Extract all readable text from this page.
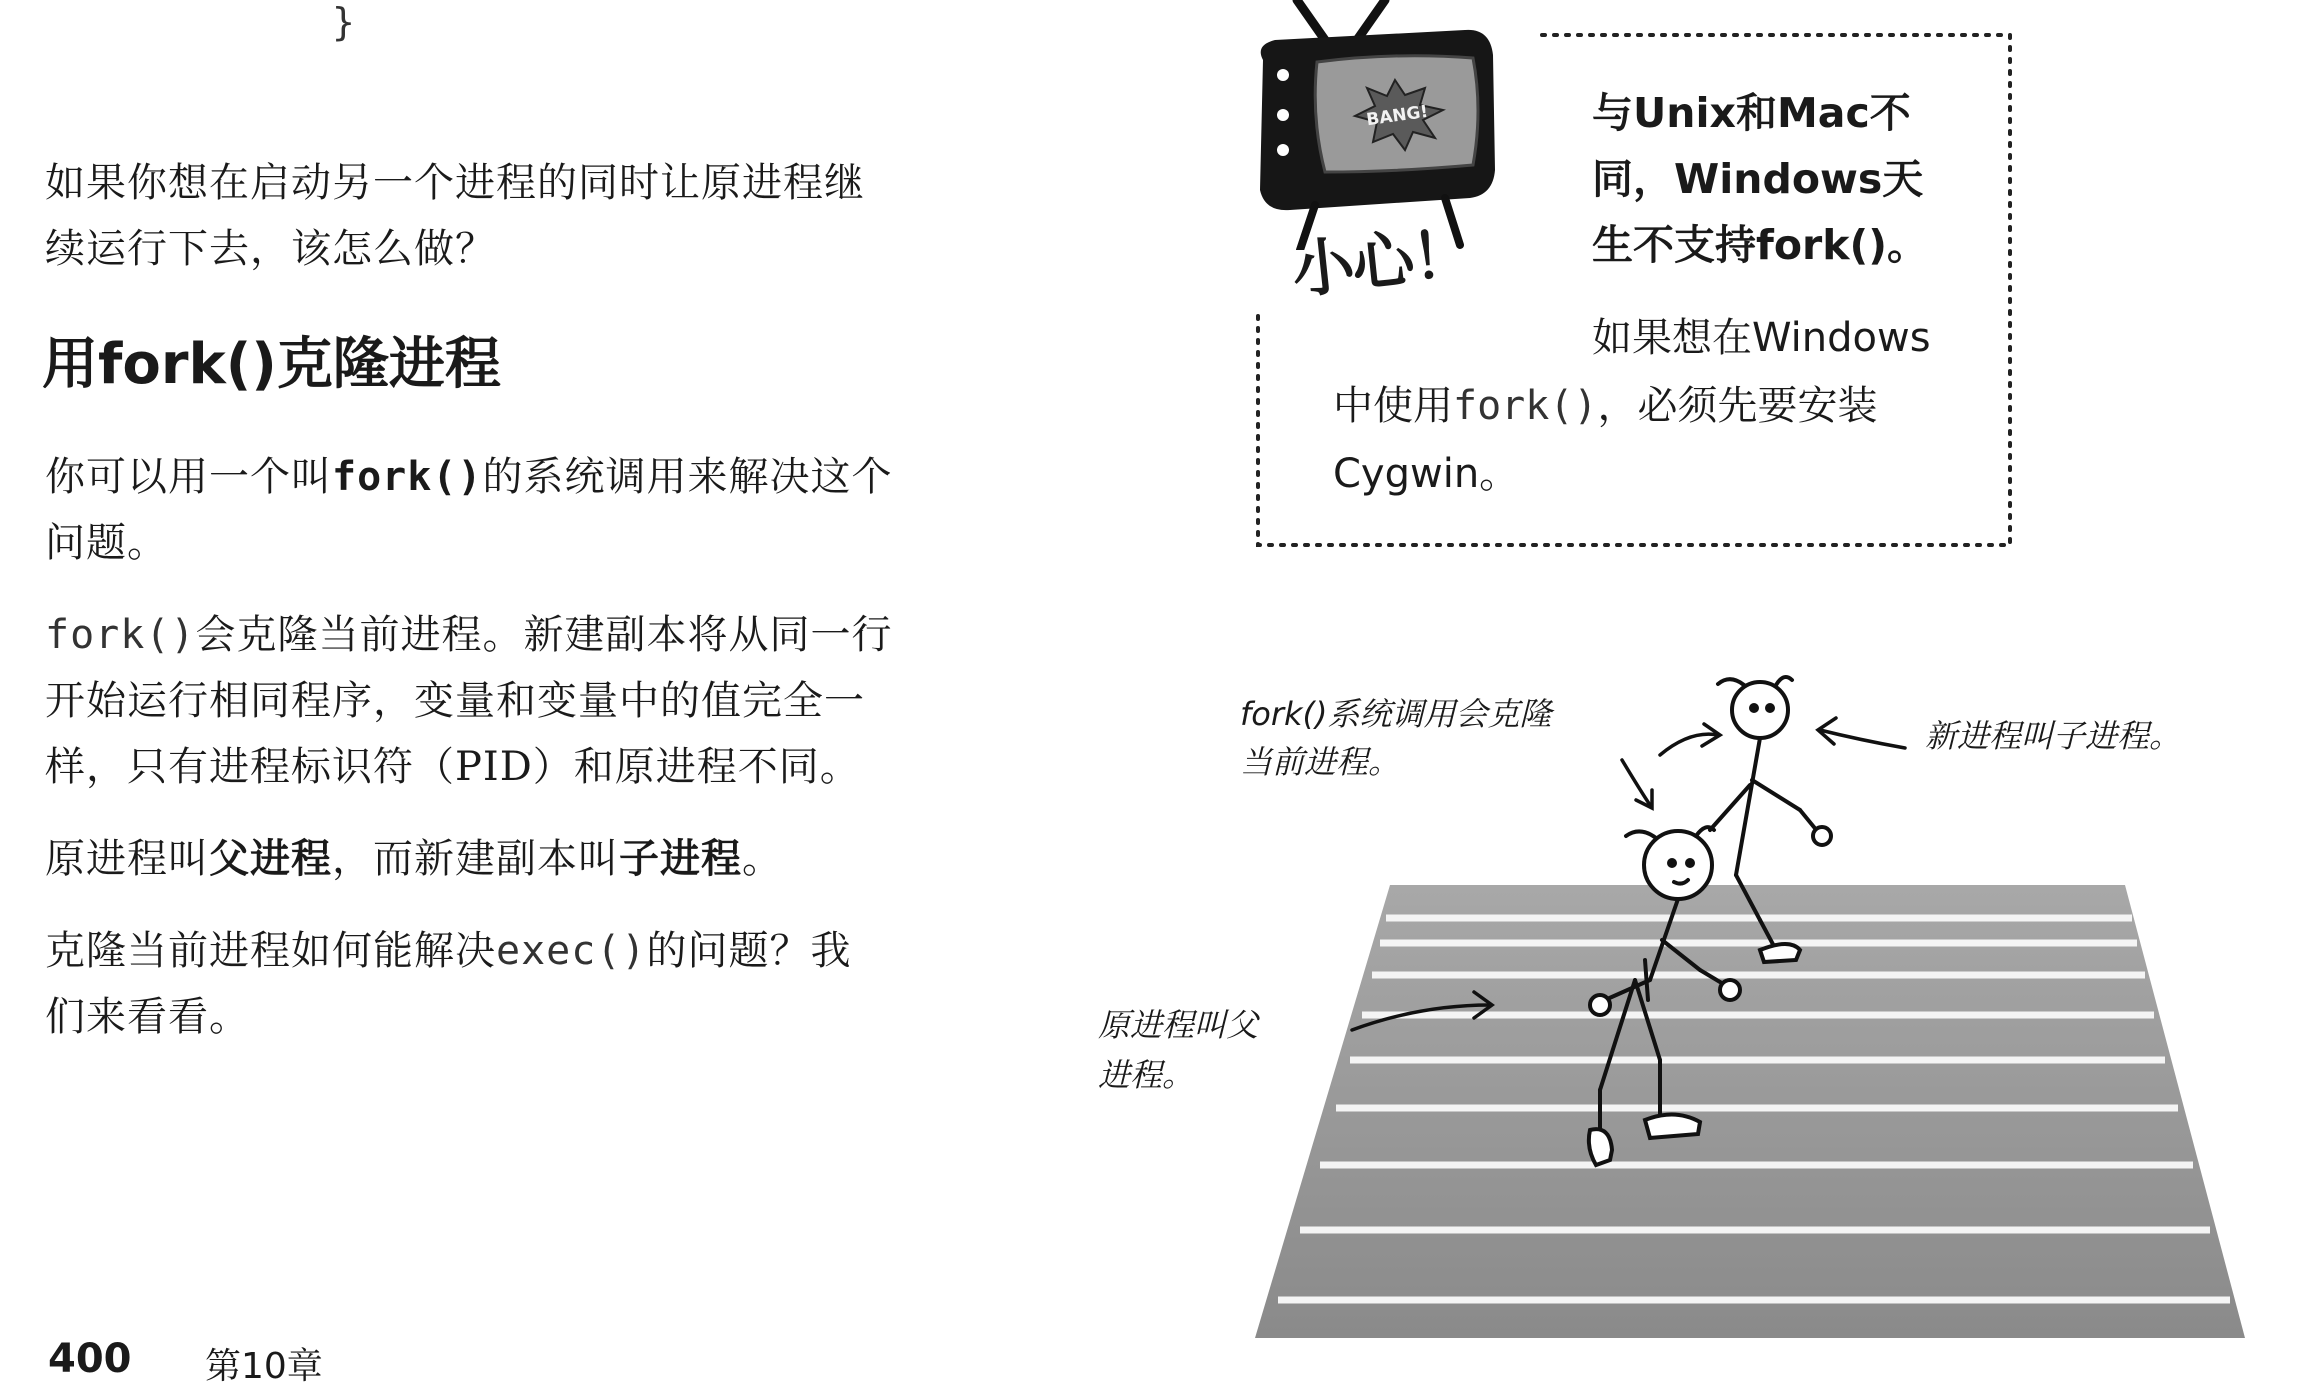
}
如果你想在启动另一个进程的同时让原进程继
续运行下去，该怎么做？
用fork()克隆进程
你可以用一个叫fork()的系统调用来解决这个
问题。
fork()会克隆当前进程。新建副本将从同一行
开始运行相同程序，变量和变量中的值完全一
样，只有进程标识符（PID）和原进程不同。
原进程叫父进程，而新建副本叫子进程。
克隆当前进程如何能解决exec()的问题？我
们来看看。
400 第10章
BANG!
小心！
与Unix和Mac不
同，Windows天
生不支持fork()。
如果想在Windows
中使用fork()，必须先要安装
Cygwin。
fork()系统调用会克隆
当前进程。
新进程叫子进程。
原进程叫父
进程。
